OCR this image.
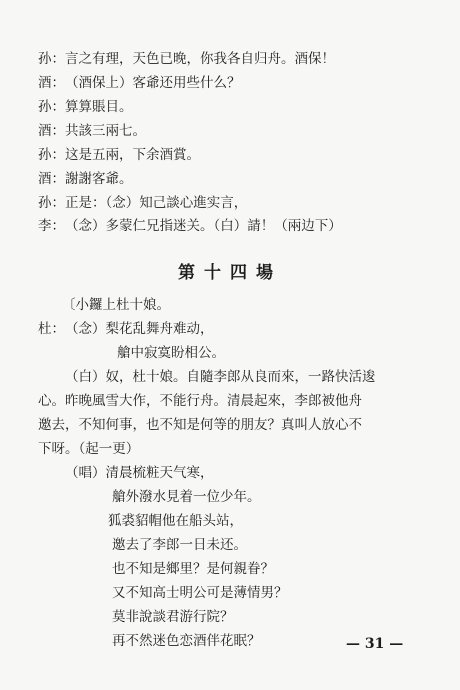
孙： 言之有理，天色已晚，你我各自归舟。酒保！
酒： （酒保上）客爺还用些什么？
孙： 算算賬目。
酒： 共該三兩七。
孙： 这是五兩，下余酒賞。
酒： 謝謝客爺。
孙： 正是：（念）知己談心進实言，
李： （念）多蒙仁兄指迷关。（白）請！（兩边下）
第十四場
〔小鑼上杜十娘。
杜： （念）梨花乱舞舟难动，
艙中寂寞盼相公。
（白）奴，杜十娘。自隨李郎从良而來，一路快活逡
心。昨晚風雪大作，不能行舟。清晨起來，李郎被他舟
邀去，不知何事，也不知是何等的朋友？真叫人放心不
下呀。（起一更）
（唱）清晨梳粧天气寒，
艙外潑水見着一位少年。
狐裘貂帽他在船头站，
邀去了李郎一日未还。
也不知是鄉里？是何親眷？
又不知高士明公可是薄情男？
莫非說談君游行院？
再不然迷色恋酒伴花眠？	— 31 —
